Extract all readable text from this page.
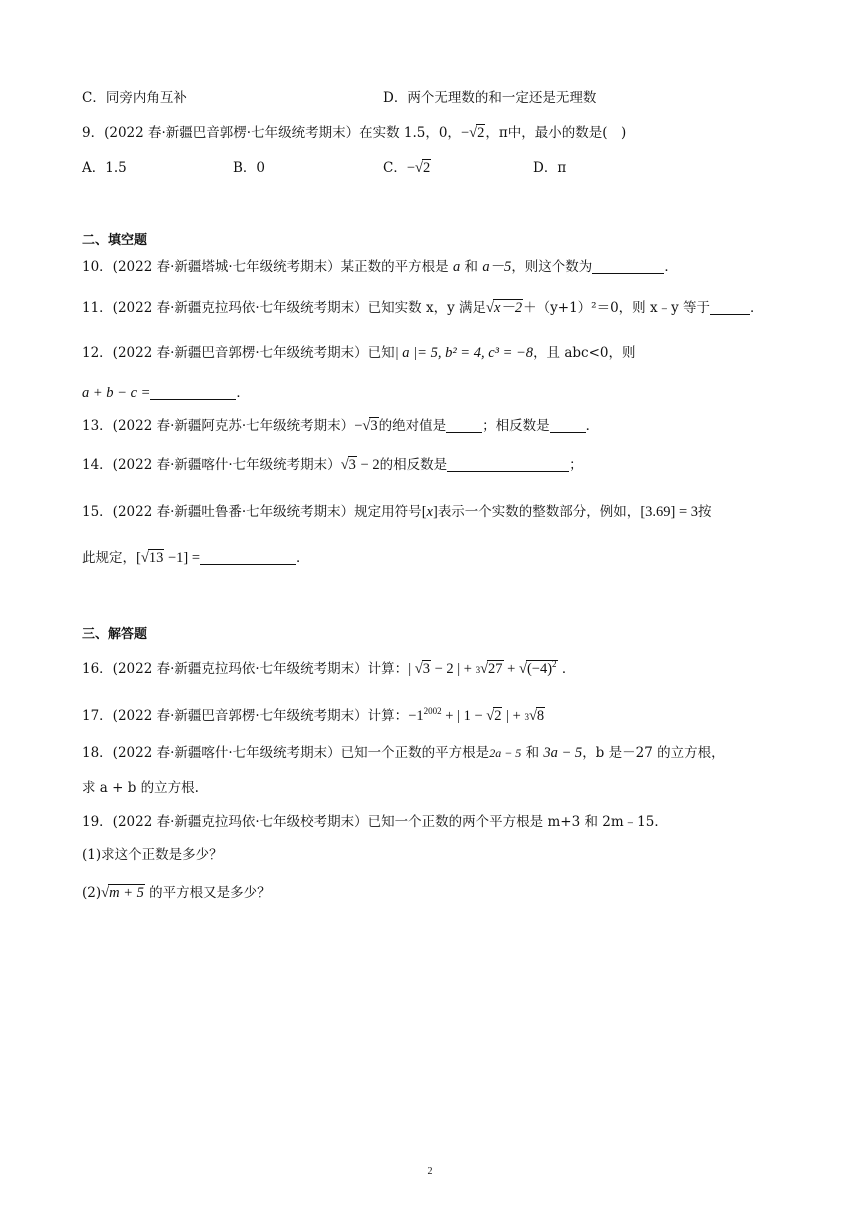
C．同旁内角互补	D．两个无理数的和一定还是无理数
9．(2022 春·新疆巴音郭楞·七年级统考期末）在实数 1.5，0，−√2，π中，最小的数是(　)
A．1.5	B．0	C．−√2	D．π
二、填空题
10．(2022 春·新疆塔城·七年级统考期末）某正数的平方根是 a 和 a－5，则这个数为	．
11．(2022 春·新疆克拉玛依·七年级统考期末）已知实数 x，y 满足√x－2＋（y+1）²＝0，则 x﹣y 等于	．
12．(2022 春·新疆巴音郭楞·七年级统考期末）已知| a |= 5, b² = 4, c³ = −8，且 abc<0，则
a + b − c =	．
13．(2022 春·新疆阿克苏·七年级统考期末）−√3的绝对值是	；相反数是	．
14．(2022 春·新疆喀什·七年级统考期末）√3 − 2的相反数是	；
15．(2022 春·新疆吐鲁番·七年级统考期末）规定用符号[x]表示一个实数的整数部分，例如，[3.69] = 3按
此规定，[√13 −1] =	．
三、解答题
16．(2022 春·新疆克拉玛依·七年级统考期末）计算：| √3 − 2 | + $3√27 + √(-4)^2$ ．
17．(2022 春·新疆巴音郭楞·七年级统考期末）计算：$-1^{2002}$ + | 1 − √2 | + 3√8
18．(2022 春·新疆喀什·七年级统考期末）已知一个正数的平方根是2a − 5 和 3a − 5，b 是－27 的立方根，
求 a + b 的立方根.
19．(2022 春·新疆克拉玛依·七年级校考期末）已知一个正数的两个平方根是 m+3 和 2m﹣15．
(1)求这个正数是多少？
(2)√m + 5 的平方根又是多少？
2
